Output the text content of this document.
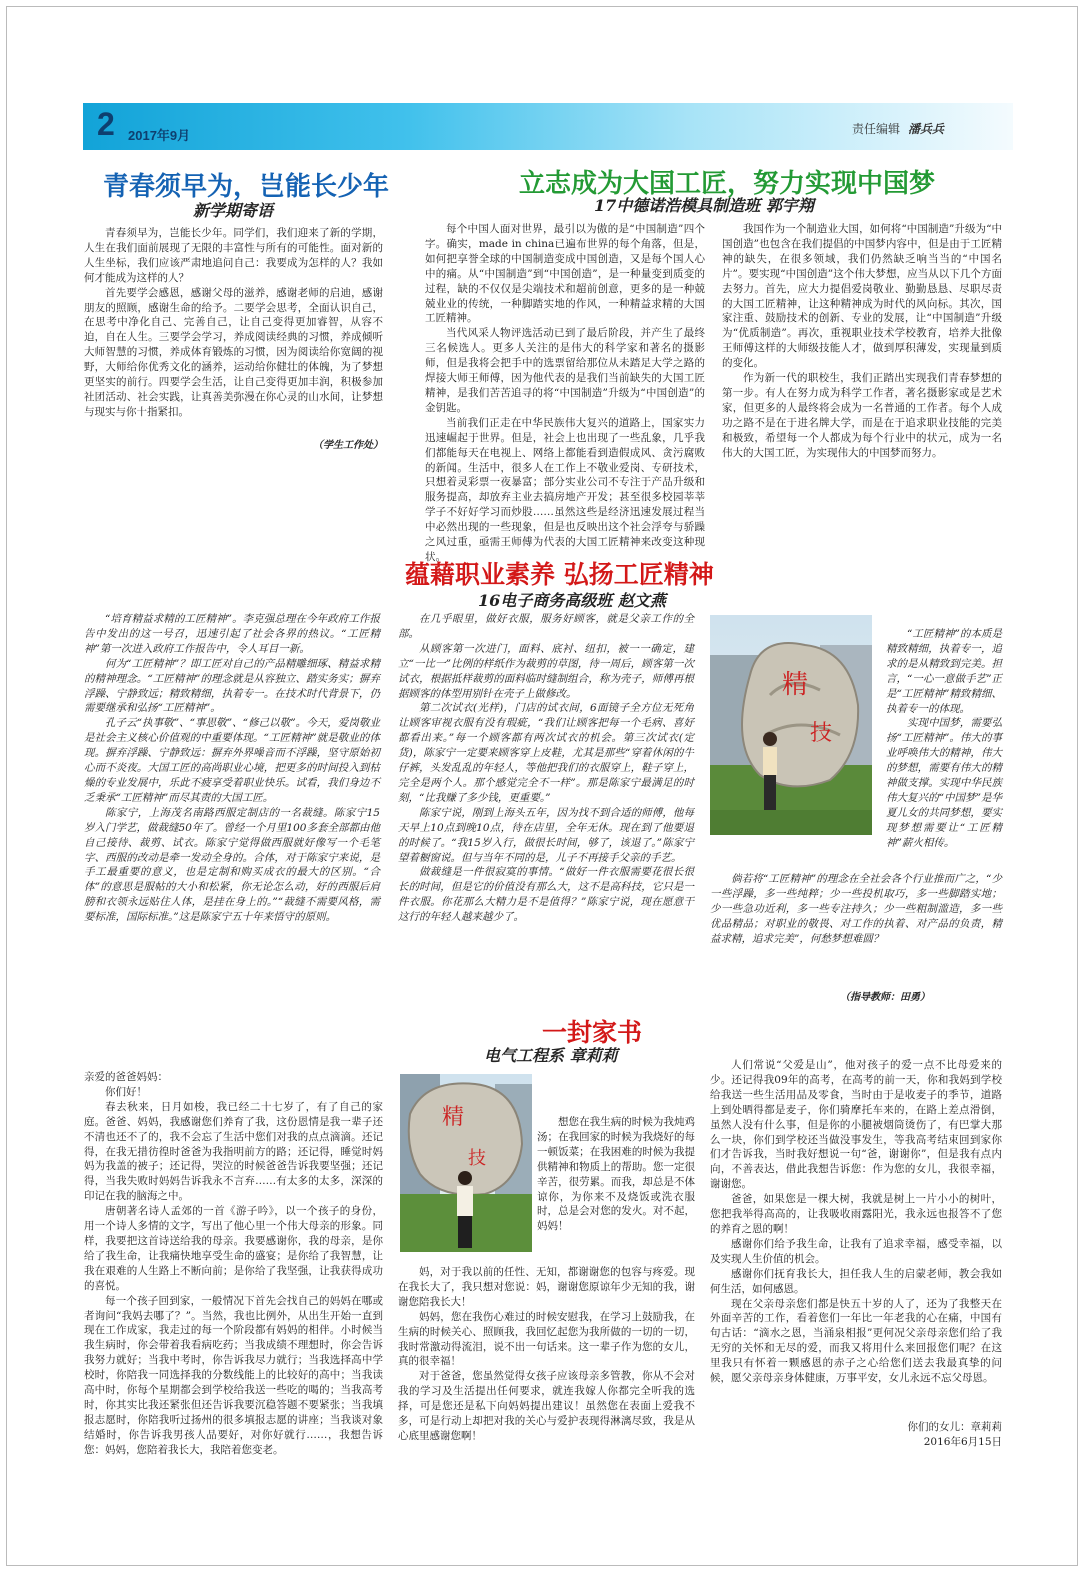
2 2017年9月	责任编辑 潘兵兵
青春须早为，岂能长少年
新学期寄语

青春须早为，岂能长少年。同学们，我们迎来了新的学期，人生在我们面前展现了无限的丰富性与所有的可能性。面对新的人生坐标，我们应该严肃地追问自己：我要成为怎样的人？我如何才能成为这样的人？

首先要学会感恩，感谢父母的滋养，感谢老师的启迪，感谢朋友的照顾，感谢生命的给予。二要学会思考，全面认识自己，在思考中净化自己、完善自己，让自己变得更加睿智，从容不迫，自在人生。三要学会学习，养成阅读经典的习惯，养成倾听大师智慧的习惯，养成体育锻炼的习惯，因为阅读给你宽阔的视野，大师给你优秀文化的涵养，运动给你健壮的体魄，为了梦想更坚实的前行。四要学会生活，让自己变得更加丰润，积极参加社团活动、社会实践，让真善美弥漫在你心灵的山水间，让梦想与现实与你十指紧扣。

（学生工作处）
立志成为大国工匠，努力实现中国梦
17中德诺浩模具制造班 郭宇翔

每个中国人面对世界，最引以为傲的是“中国制造”四个字。确实，made in china已遍布世界的每个角落，但是，如何把享誉全球的中国制造变成中国创造，又是每个国人心中的痛。从“中国制造”到“中国创造”，是一种量变到质变的过程，缺的不仅仅是尖端技术和超前创意，更多的是一种兢兢业业的传统，一种脚踏实地的作风，一种精益求精的大国工匠精神。

当代风采人物评选活动已到了最后阶段，并产生了最终三名候选人。更多人关注的是伟大的科学家和著名的摄影师，但是我将会把手中的选票留给那位从未踏足大学之路的焊接大师王师傅，因为他代表的是我们当前缺失的大国工匠精神，是我们苦苦追寻的将“中国制造”升级为“中国创造”的金钥匙。

当前我们正走在中华民族伟大复兴的道路上，国家实力迅速崛起于世界。但是，社会上也出现了一些乱象，几乎我们都能每天在电视上、网络上都能看到造假成风、贪污腐败的新闻。生活中，很多人在工作上不敬业爱岗、专研技术，只想着灵彩票一夜暴富；部分实业公司不专注于产品升级和服务提高，却放弃主业去搞房地产开发；甚至很多校园莘莘学子不好好学习而炒股……虽然这些是经济迅速发展过程当中必然出现的一些现象，但是也反映出这个社会浮夸与骄躁之风过重，亟需王师傅为代表的大国工匠精神来改变这种现状。

我国作为一个制造业大国，如何将“中国制造”升级为“中国创造”也包含在我们提倡的中国梦内容中，但是由于工匠精神的缺失，在很多领域，我们仍然缺乏响当当的“中国名片”。要实现“中国创造”这个伟大梦想，应当从以下几个方面去努力。首先，应大力提倡爱岗敬业、勤勤恳恳、尽职尽责的大国工匠精神，让这种精神成为时代的风向标。其次，国家注重、鼓励技术的创新、专业的发展，让“中国制造”升级为“优质制造”。再次，重视职业技术学校教育，培养大批像王师傅这样的大师级技能人才，做到厚积薄发，实现量到质的变化。

作为新一代的职校生，我们正踏出实现我们青春梦想的第一步。有人在努力成为科学工作者，著名摄影家或是艺术家，但更多的人最终将会成为一名普通的工作者。每个人成功之路不是在于进名牌大学，而是在于追求职业技能的完美和极致，希望每一个人都成为每个行业中的状元，成为一名伟大的大国工匠，为实现伟大的中国梦而努力。

蕴藉职业素养 弘扬工匠精神
16电子商务高级班 赵文燕

“培育精益求精的工匠精神”。李克强总理在今年政府工作报告中发出的这一号召，迅速引起了社会各界的热议。“工匠精神”第一次进入政府工作报告中，令人耳目一新。

何为“工匠精神”？即工匠对自己的产品精雕细琢、精益求精的精神理念。“工匠精神”的理念就是从容独立、踏实务实；摒弃浮躁、宁静致远；精致精细，执着专一。在技术时代背景下，仍需要继承和弘扬“工匠精神”。

孔子云“执事敬”、“事思敬”、“修己以敬”。今天，爱岗敬业是社会主义核心价值观的中重要体现。“工匠精神”就是敬业的体现。摒弃浮躁、宁静致远：摒弃外界噪音而不浮躁，坚守原始初心而不炎夜。大国工匠的高尚职业心境，把更多的时间投入到枯燥的专业发展中，乐此不疲享受着职业快乐。试看，我们身边不乏秉承“工匠精神”而尽其责的大国工匠。

陈家宁，上海茂名南路西服定制店的一名裁缝。陈家宁15岁入门学艺，做裁缝50年了。曾经一个月里100多套全部都由他自己接待、裁剪、试衣。陈家宁觉得做西服就好像写一个毛笔字、西服的改动是牵一发动全身的。合体，对于陈家宁来说，是手工最重要的意义，也是定制和购买成衣的最大的区别。“合体”的意思是服帖的大小和松紧，你无论怎么动，好的西服后肩膀和衣领永远贴住人体，是挂在身上的。”“裁缝不需要风格，需要标准，国际标准。”这是陈家宁五十年来悟守的原则。

在几乎眼里，做好衣服，服务好顾客，就是父亲工作的全部。

从顾客第一次进门，面料、底衬、纽扣，被一一确定，建立“一比一”比例的样纸作为裁剪的草图，待一周后，顾客第一次试衣，根据抵样裁剪的面料临时缝制组合，称为壳子，师傅再根据顾客的体型用别针在壳子上做修改。

第二次试衣(光样)，门店的试衣间，6面镜子全方位无死角让顾客审视衣服有没有瑕疵，“我们让顾客把每一个毛病、喜好都看出来。”每一个顾客都有两次试衣的机会。第三次试衣(定货)，陈家宁一定要来顾客穿上皮鞋，尤其是那些“穿着休闲的牛仔裤，头发乱乱的年轻人，等他把我们的衣服穿上，鞋子穿上，完全是两个人。那个感觉完全不一样”。那是陈家宁最满足的时刻，“比我赚了多少钱，更重要。”

陈家宁说，刚到上海头五年，因为找不到合适的师傅，他每天早上10点到晚10点，待在店里，全年无休。现在到了他要退的时候了。“我15岁入行，做很长时间，够了，该退了。”陈家宁望着橱窗说。但与当年不同的是，儿子不再接手父亲的手艺。

做裁缝是一件很寂寞的事情。“做好一件衣服需要花很长很长的时间，但是它的价值没有那么大，这不是高科技，它只是一件衣服。你花那么大精力是不是值得？”陈家宁说，现在愿意干这行的年轻人越来越少了。

精
技

“工匠精神”的本质是精致精细，执着专一，追求的是从精致到完美。担言，“一心一意做手艺”正是“工匠精神”精致精细、执着专一的体现。

实现中国梦，需要弘扬“工匠精神”。伟大的事业呼唤伟大的精神，伟大的梦想，需要有伟大的精神做支撑。实现中华民族伟大复兴的“中国梦”是华夏儿女的共同梦想，要实现梦想需要让“工匠精神”薪火相传。

倘若将“工匠精神”的理念在全社会各个行业推而广之，“少一些浮躁，多一些纯粹；少一些投机取巧，多一些脚踏实地；少一些急功近利，多一些专注持久；少一些粗制滥造，多一些优品精品；对职业的敬畏、对工作的执着、对产品的负责，精益求精，追求完美”，何愁梦想难圆？

（指导教师：田勇）
一封家书
电气工程系 章莉莉

亲爱的爸爸妈妈：

你们好！

春去秋来，日月如梭，我已经二十七岁了，有了自己的家庭。爸爸、妈妈，我感谢您们养育了我，这份恩情是我一辈子还不清也还不了的，我不会忘了生活中您们对我的点点滴滴。还记得，在我无措彷徨时爸爸为我指明前方的路；还记得，睡觉时妈妈为我盖的被子；还记得，哭泣的时候爸爸告诉我要坚强；还记得，当我失败时妈妈告诉我永不言弃……有太多的太多，深深的印记在我的脑海之中。

唐朝著名诗人孟郊的一首《游子吟》，以一个孩子的身份，用一个诗人多情的文字，写出了他心里一个伟大母亲的形象。同样，我要把这首诗送给我的母亲。我要感谢你，我的母亲，是你给了我生命，让我痛快地享受生命的盛宴；是你给了我智慧，让我在艰难的人生路上不断向前；是你给了我坚强，让我获得成功的喜悦。

每一个孩子回到家，一般情况下首先会找自己的妈妈在哪或者询问“我妈去哪了？”。当然，我也比例外，从出生开始一直到现在工作成家，我走过的每一个阶段都有妈妈的相伴。小时候当我生病时，你会带着我看病吃药；当我成绩不理想时，你会告诉我努力就好；当我中考时，你告诉我尽力就行；当我选择高中学校时，你陪我一同选择我的分数线能上的比较好的高中；当我读高中时，你每个星期都会到学校给我送一些吃的喝的；当我高考时，你其实比我还紧张但还告诉我要沉稳答题不要紧张；当我填报志愿时，你陪我听过扬州的很多填报志愿的讲座；当我谈对象结婚时，你告诉我男孩人品要好，对你好就行……，我想告诉您：妈妈，您陪着我长大，我陪着您变老。

精
技

想您在我生病的时候为我炖鸡汤；在我回家的时候为我烧好的每一顿饭菜；在我困难的时候为我提供精神和物质上的帮助。您一定很辛苦，很劳累。而我，却总是不体谅你，为你来不及烧饭或洗衣服时，总是会对您的发火。对不起，妈妈！

妈，对于我以前的任性、无知，都谢谢您的包容与疼爱。现在我长大了，我只想对您说：妈，谢谢您原谅年少无知的我，谢谢您陪我长大！

妈妈，您在我伤心难过的时候安慰我，在学习上鼓励我，在生病的时候关心、照顾我，我回忆起您为我所做的一切的一切，我时常激动得流泪，说不出一句话来。这一辈子作为您的女儿，真的很幸福！

对于爸爸，您虽然觉得女孩子应该母亲多管教，你从不会对我的学习及生活提出任何要求，就连我嫁人你都完全听我的选择，可是您还是私下向妈妈提出建议！虽然您在表面上爱我不多，可是行动上却把对我的关心与爱护表现得淋漓尽致，我是从心底里感谢您啊！

人们常说“父爱是山”，他对孩子的爱一点不比母爱来的少。还记得我09年的高考，在高考的前一天，你和我妈到学校给我送一些生活用品及零食，当时由于是收麦子的季节，道路上到处晒得都是麦子，你们骑摩托车来的，在路上差点滑倒，虽然人没有什么事，但是你的小腿被烟筒烫伤了，有巴掌大那么一块，你们到学校还当做没事发生，等我高考结束回到家你们才告诉我，当时我好想说一句“爸，谢谢你”，但是我有点内向，不善表达，借此我想告诉您：作为您的女儿，我很幸福，谢谢您。

爸爸，如果您是一棵大树，我就是树上一片小小的树叶，您把我举得高高的，让我吸收雨露阳光，我永远也报答不了您的养育之恩的啊！

感谢你们给予我生命，让我有了追求幸福，感受幸福，以及实现人生价值的机会。

感谢你们抚育我长大，担任我人生的启蒙老师，教会我如何生活，如何感恩。

现在父亲母亲您们都是快五十岁的人了，还为了我整天在外面辛苦的工作，看着您们一年比一年老我的心在痛，中国有句古话：“滴水之恩，当涌泉相报”更何况父亲母亲您们给了我无穷的关怀和无尽的爱，而我又将用什么来回报您们呢？在这里我只有怀着一颗感恩的赤子之心给您们送去我最真挚的问候，愿父亲母亲身体健康，万事平安，女儿永远不忘父母恩。

你们的女儿：章莉莉
2016年6月15日
